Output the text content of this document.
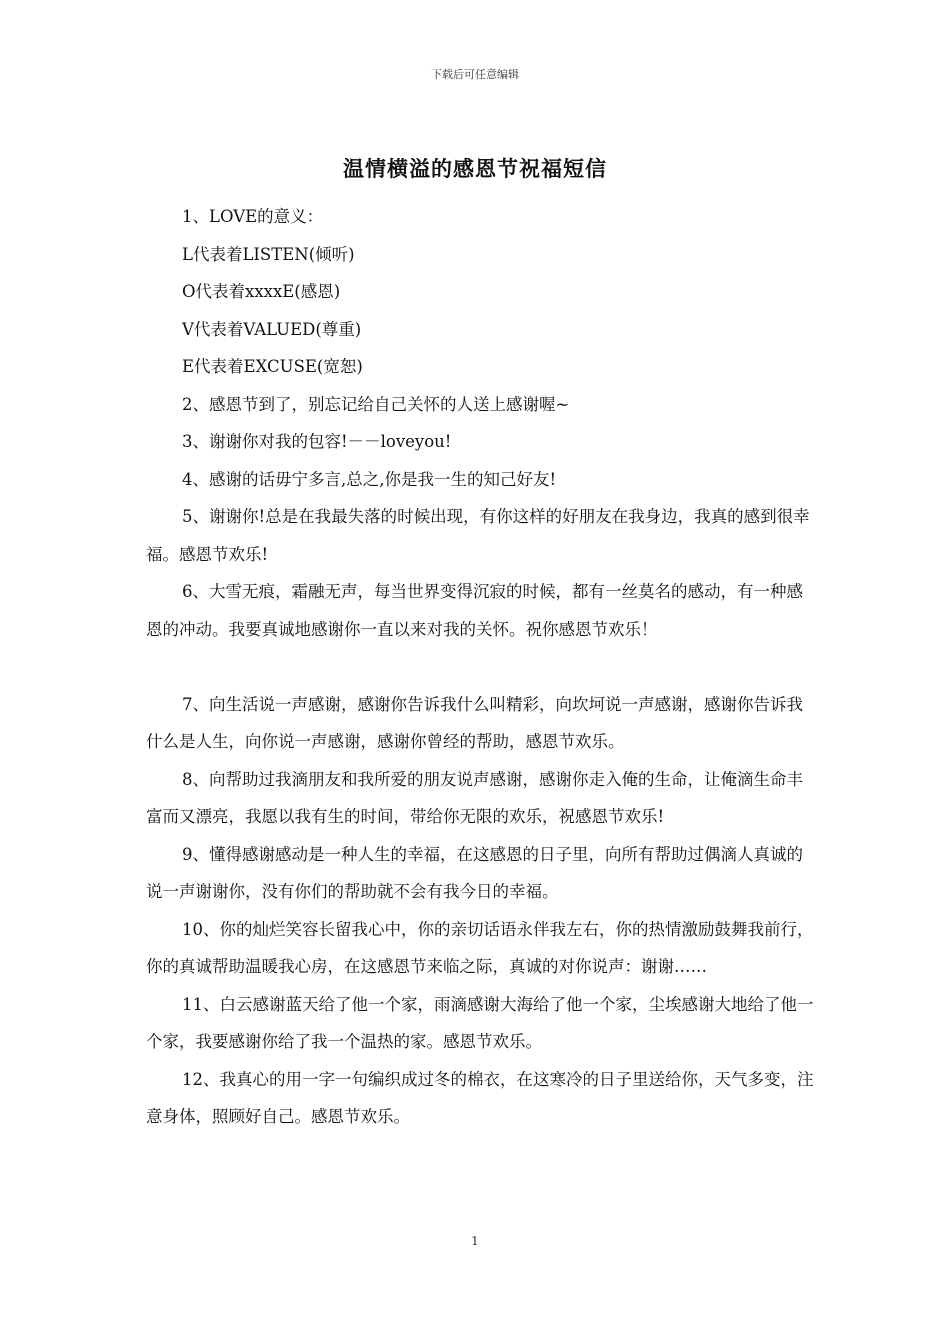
下载后可任意编辑
温情横溢的感恩节祝福短信

1、LOVE的意义：

L代表着LISTEN(倾听)

O代表着xxxxE(感恩)

V代表着VALUED(尊重)

E代表着EXCUSE(宽恕)

2、感恩节到了，别忘记给自己关怀的人送上感谢喔~

3、谢谢你对我的包容!－－loveyou!

4、感谢的话毋宁多言,总之,你是我一生的知己好友!

5、谢谢你!总是在我最失落的时候出现，有你这样的好朋友在我身边，我真的感到很幸福。感恩节欢乐!

6、大雪无痕，霜融无声，每当世界变得沉寂的时候，都有一丝莫名的感动，有一种感恩的冲动。我要真诚地感谢你一直以来对我的关怀。祝你感恩节欢乐！

7、向生活说一声感谢，感谢你告诉我什么叫精彩，向坎坷说一声感谢，感谢你告诉我什么是人生，向你说一声感谢，感谢你曾经的帮助，感恩节欢乐。

8、向帮助过我滴朋友和我所爱的朋友说声感谢，感谢你走入俺的生命，让俺滴生命丰富而又漂亮，我愿以我有生的时间，带给你无限的欢乐，祝感恩节欢乐!

9、懂得感谢感动是一种人生的幸福，在这感恩的日子里，向所有帮助过偶滴人真诚的说一声谢谢你，没有你们的帮助就不会有我今日的幸福。

10、你的灿烂笑容长留我心中，你的亲切话语永伴我左右，你的热情激励鼓舞我前行，你的真诚帮助温暖我心房，在这感恩节来临之际，真诚的对你说声：谢谢……

11、白云感谢蓝天给了他一个家，雨滴感谢大海给了他一个家，尘埃感谢大地给了他一个家，我要感谢你给了我一个温热的家。感恩节欢乐。

12、我真心的用一字一句编织成过冬的棉衣，在这寒冷的日子里送给你，天气多变，注意身体，照顾好自己。感恩节欢乐。

1
